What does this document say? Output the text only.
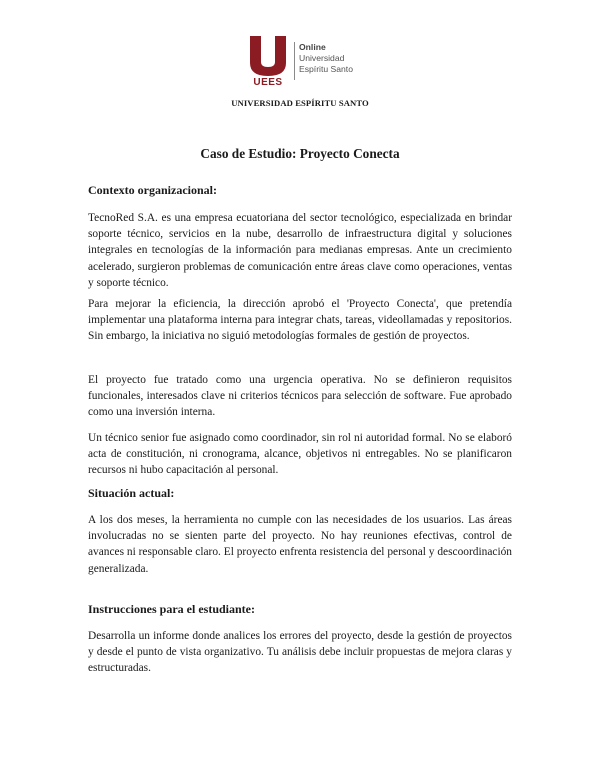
UEES
Online
Universidad
Espíritu Santo
UNIVERSIDAD ESPÍRITU SANTO
Caso de Estudio: Proyecto Conecta
Contexto organizacional:

TecnoRed S.A. es una empresa ecuatoriana del sector tecnológico, especializada en brindar soporte técnico, servicios en la nube, desarrollo de infraestructura digital y soluciones integrales en tecnologías de la información para medianas empresas. Ante un crecimiento acelerado, surgieron problemas de comunicación entre áreas clave como operaciones, ventas y soporte técnico.

Para mejorar la eficiencia, la dirección aprobó el 'Proyecto Conecta', que pretendía implementar una plataforma interna para integrar chats, tareas, videollamadas y repositorios. Sin embargo, la iniciativa no siguió metodologías formales de gestión de proyectos.

El proyecto fue tratado como una urgencia operativa. No se definieron requisitos funcionales, interesados clave ni criterios técnicos para selección de software. Fue aprobado como una inversión interna.

Un técnico senior fue asignado como coordinador, sin rol ni autoridad formal. No se elaboró acta de constitución, ni cronograma, alcance, objetivos ni entregables. No se planificaron recursos ni hubo capacitación al personal.

Situación actual:

A los dos meses, la herramienta no cumple con las necesidades de los usuarios. Las áreas involucradas no se sienten parte del proyecto. No hay reuniones efectivas, control de avances ni responsable claro. El proyecto enfrenta resistencia del personal y descoordinación generalizada.

Instrucciones para el estudiante:

Desarrolla un informe donde analices los errores del proyecto, desde la gestión de proyectos y desde el punto de vista organizativo. Tu análisis debe incluir propuestas de mejora claras y estructuradas.
